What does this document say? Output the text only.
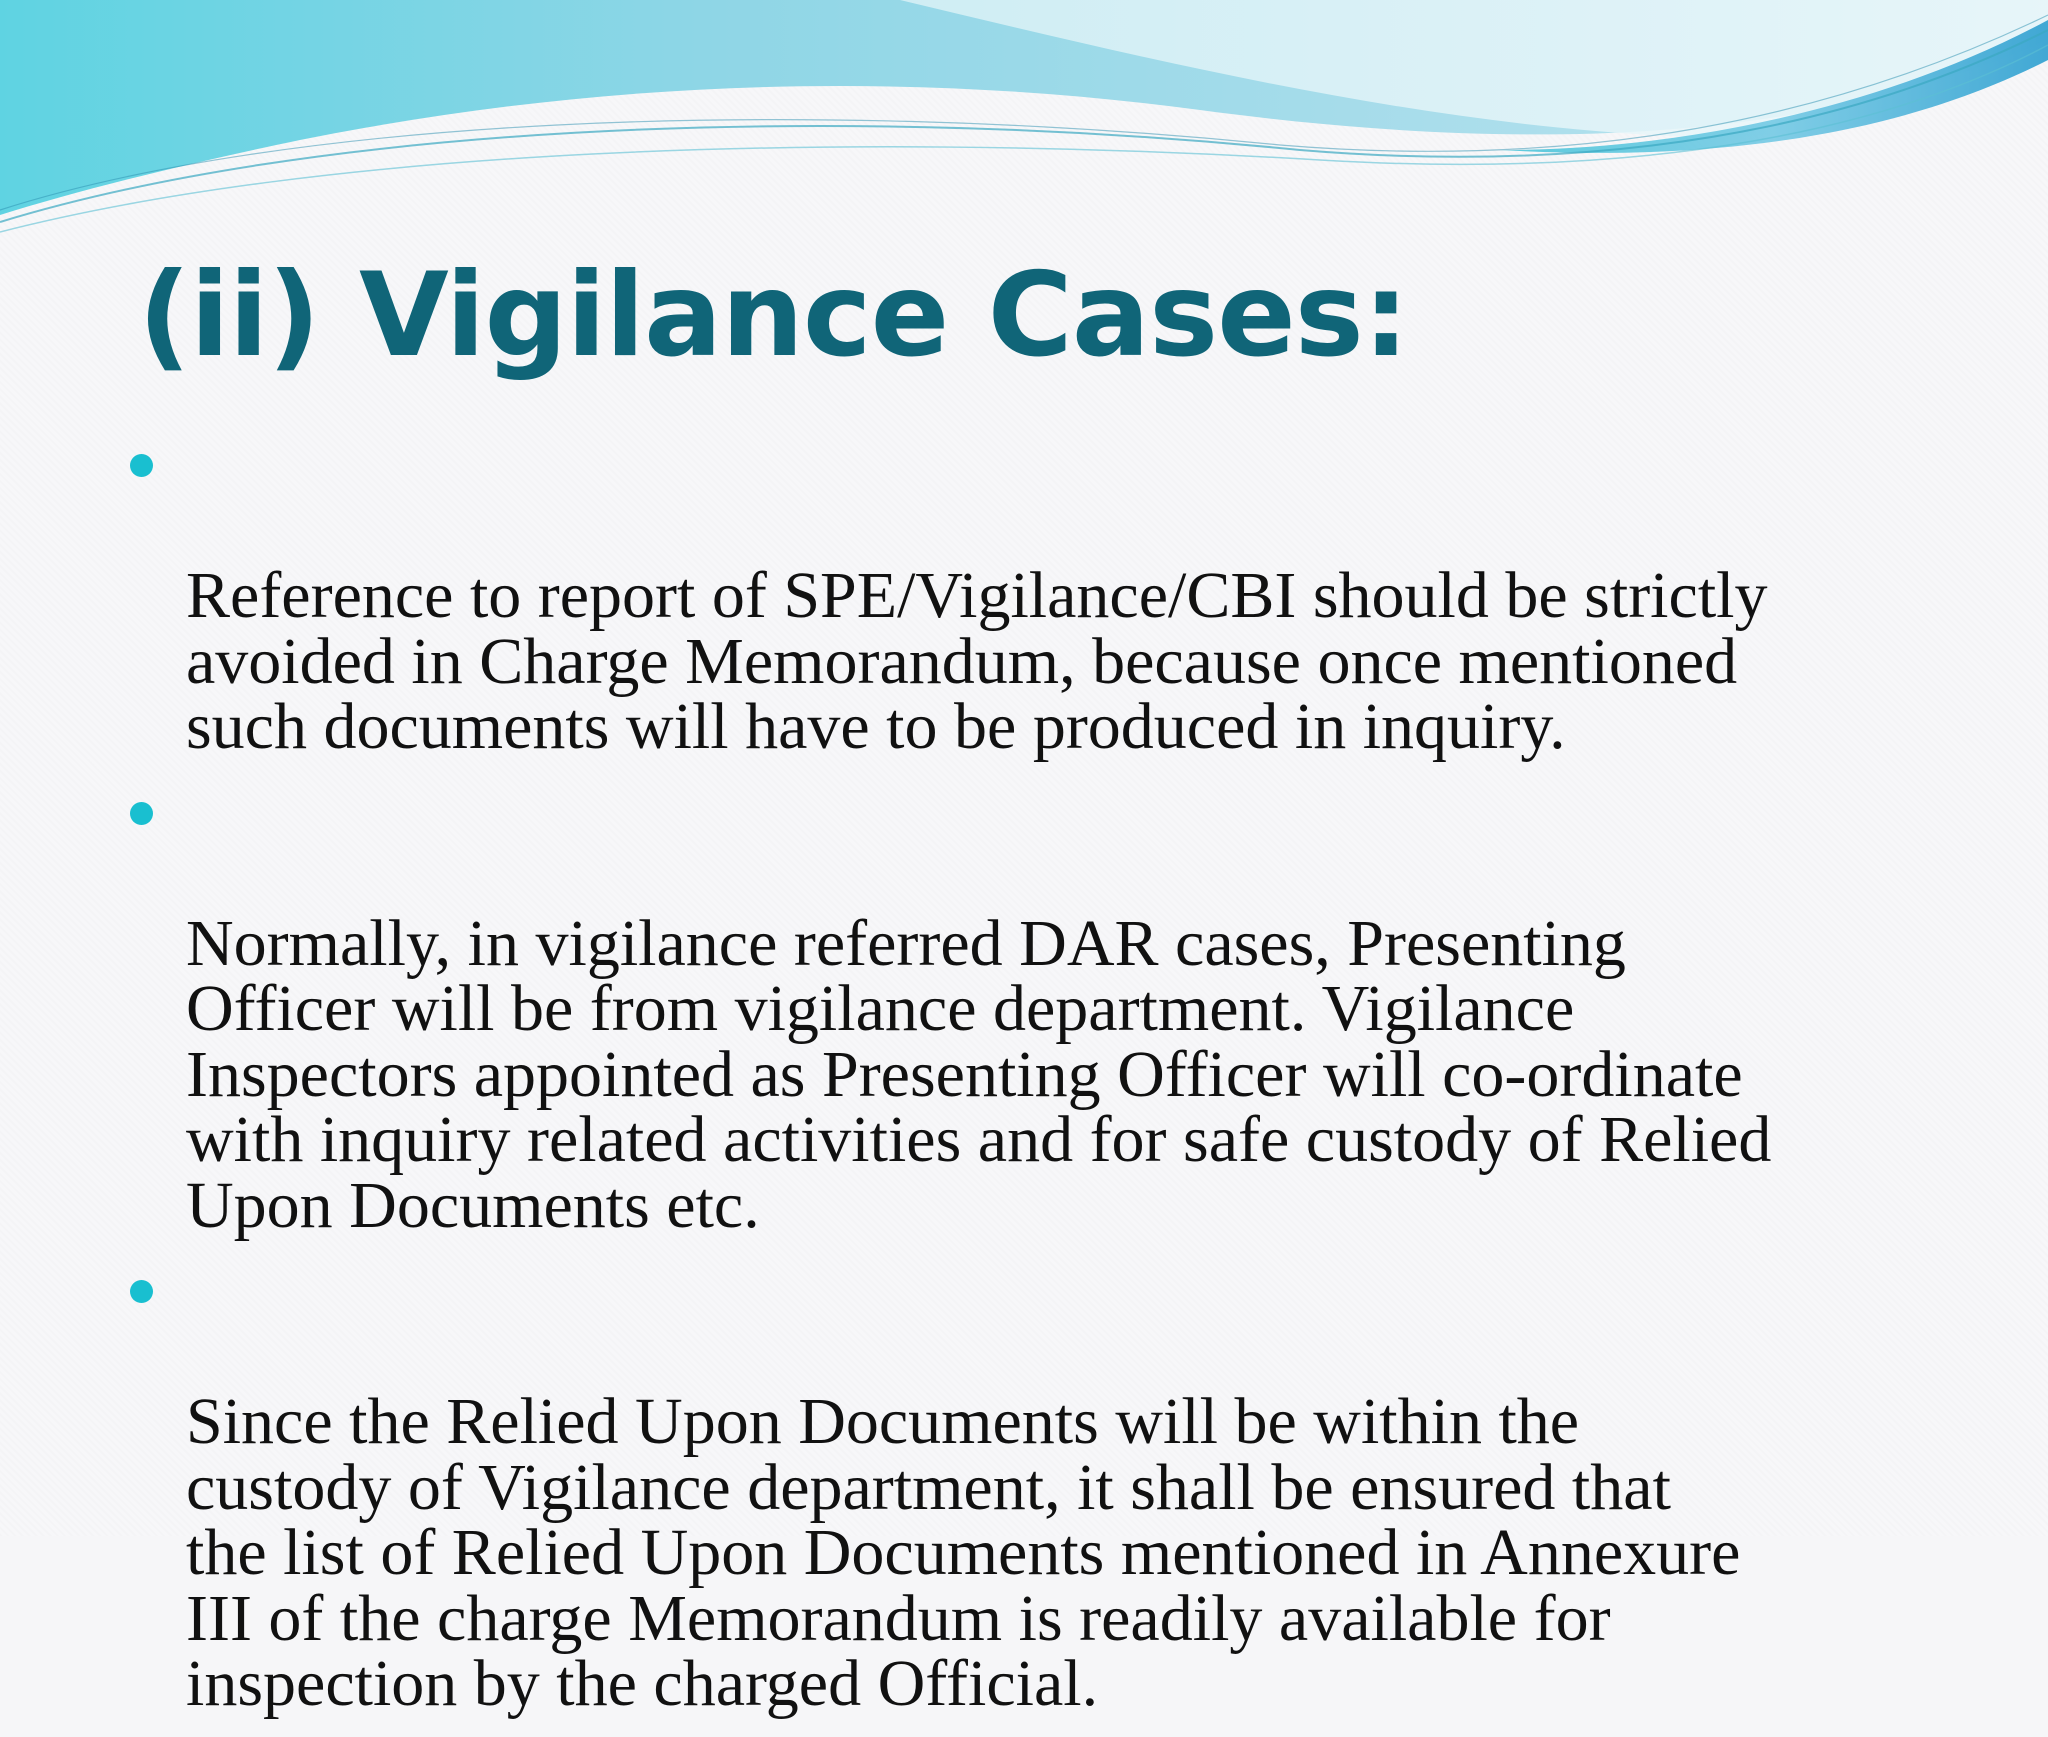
(ii) Vigilance Cases:

Reference to report of SPE/Vigilance/CBI should be strictly
avoided in Charge Memorandum, because once mentioned
such documents will have to be produced in inquiry.

Normally, in vigilance referred DAR cases, Presenting
Officer will be from vigilance department. Vigilance
Inspectors appointed as Presenting Officer will co-ordinate
with inquiry related activities and for safe custody of Relied
Upon Documents etc.

Since the Relied Upon Documents will be within the
custody of Vigilance department, it shall be ensured that
the list of Relied Upon Documents mentioned in Annexure
III of the charge Memorandum is readily available for
inspection by the charged Official.
